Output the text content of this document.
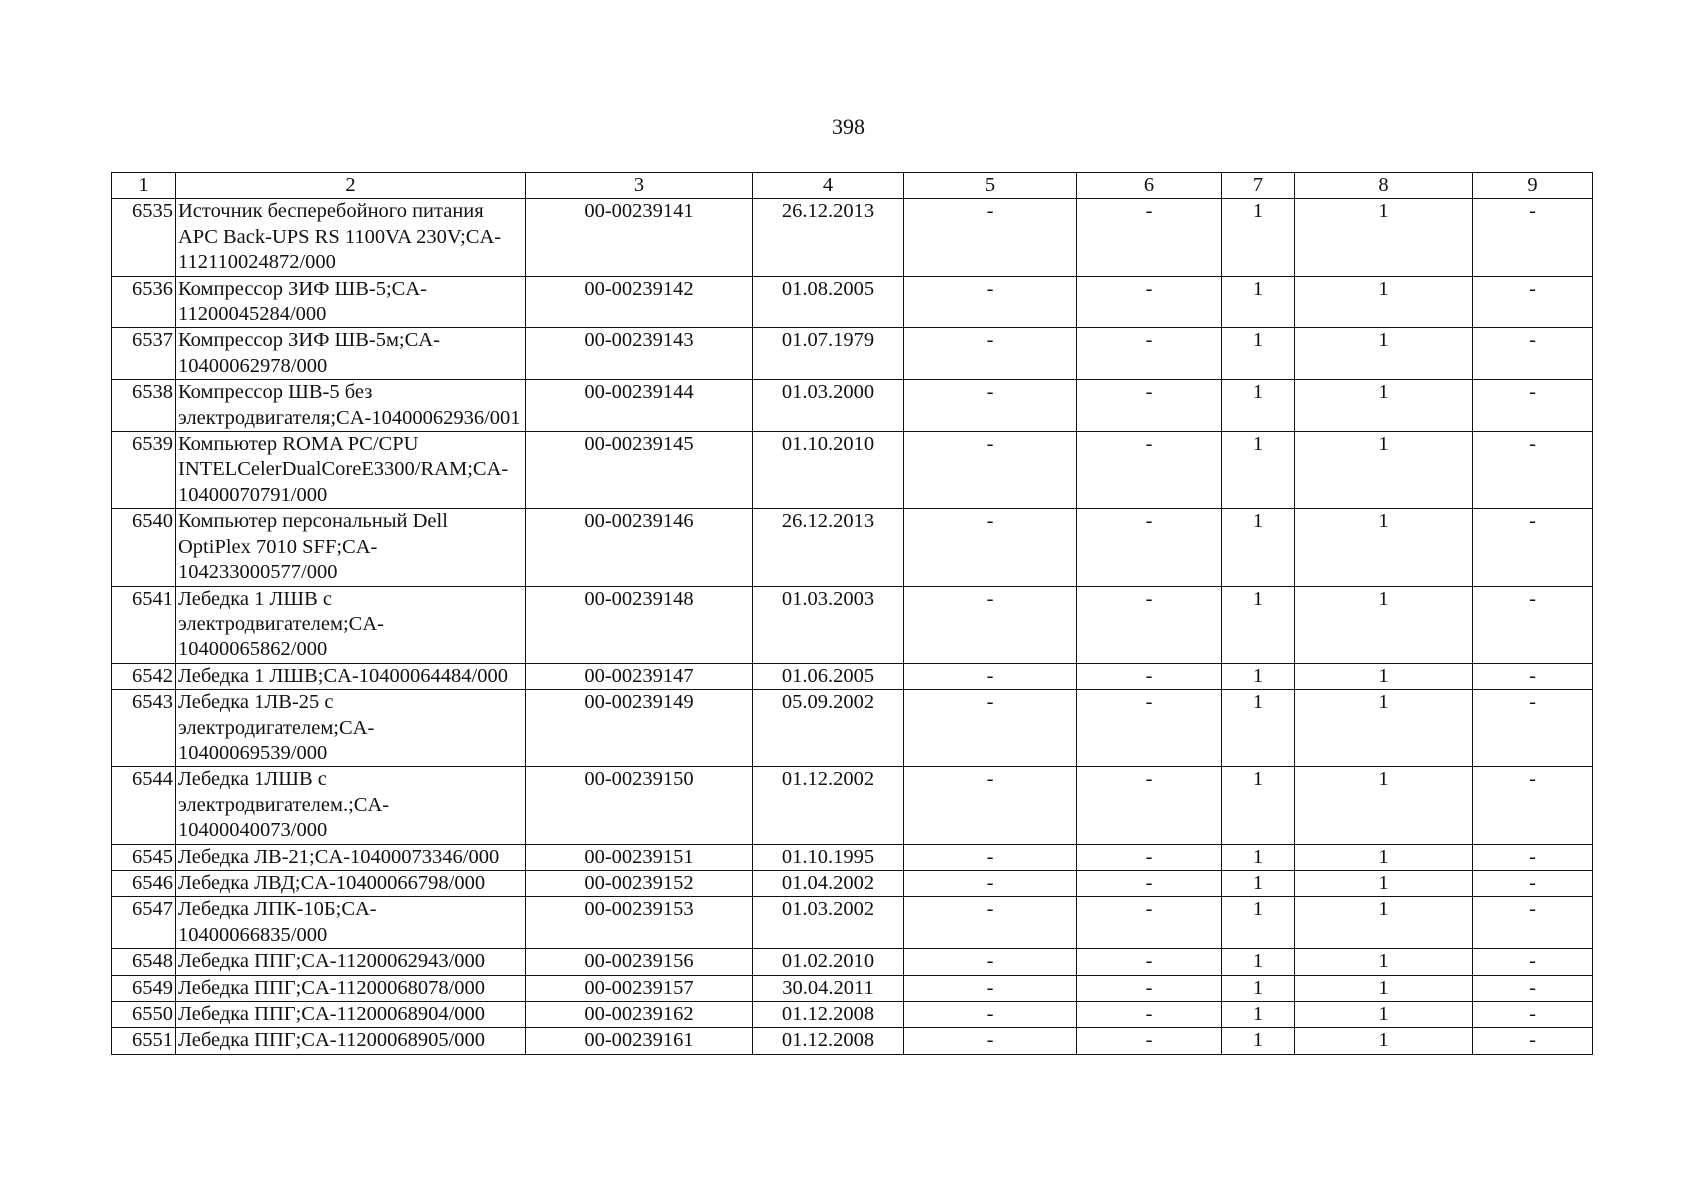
398
1	2	3	4	5	6	7	8	9
6535	Источник бесперебойного питания APC Back-UPS RS 1100VA 230V;CA-112110024872/000	00-00239141	26.12.2013	-	-	1	1	-
6536	Компрессор ЗИФ ШВ-5;CA-11200045284/000	00-00239142	01.08.2005	-	-	1	1	-
6537	Компрессор ЗИФ ШВ-5м;CA-10400062978/000	00-00239143	01.07.1979	-	-	1	1	-
6538	Компрессор ШВ-5 без электродвигателя;CA-10400062936/001	00-00239144	01.03.2000	-	-	1	1	-
6539	Компьютер ROMA PC/CPU INTELCelerDualCoreE3300/RAM;CA-10400070791/000	00-00239145	01.10.2010	-	-	1	1	-
6540	Компьютер персональный Dell OptiPlex 7010 SFF;CA-104233000577/000	00-00239146	26.12.2013	-	-	1	1	-
6541	Лебедка 1 ЛШВ с электродвигателем;CA-10400065862/000	00-00239148	01.03.2003	-	-	1	1	-
6542	Лебедка 1 ЛШВ;CA-10400064484/000	00-00239147	01.06.2005	-	-	1	1	-
6543	Лебедка 1ЛВ-25 с электродигателем;CA-10400069539/000	00-00239149	05.09.2002	-	-	1	1	-
6544	Лебедка 1ЛШВ с электродвигателем.;CA-10400040073/000	00-00239150	01.12.2002	-	-	1	1	-
6545	Лебедка ЛВ-21;CA-10400073346/000	00-00239151	01.10.1995	-	-	1	1	-
6546	Лебедка ЛВД;CA-10400066798/000	00-00239152	01.04.2002	-	-	1	1	-
6547	Лебедка ЛПК-10Б;CA-10400066835/000	00-00239153	01.03.2002	-	-	1	1	-
6548	Лебедка ППГ;CA-11200062943/000	00-00239156	01.02.2010	-	-	1	1	-
6549	Лебедка ППГ;CA-11200068078/000	00-00239157	30.04.2011	-	-	1	1	-
6550	Лебедка ППГ;CA-11200068904/000	00-00239162	01.12.2008	-	-	1	1	-
6551	Лебедка ППГ;CA-11200068905/000	00-00239161	01.12.2008	-	-	1	1	-
